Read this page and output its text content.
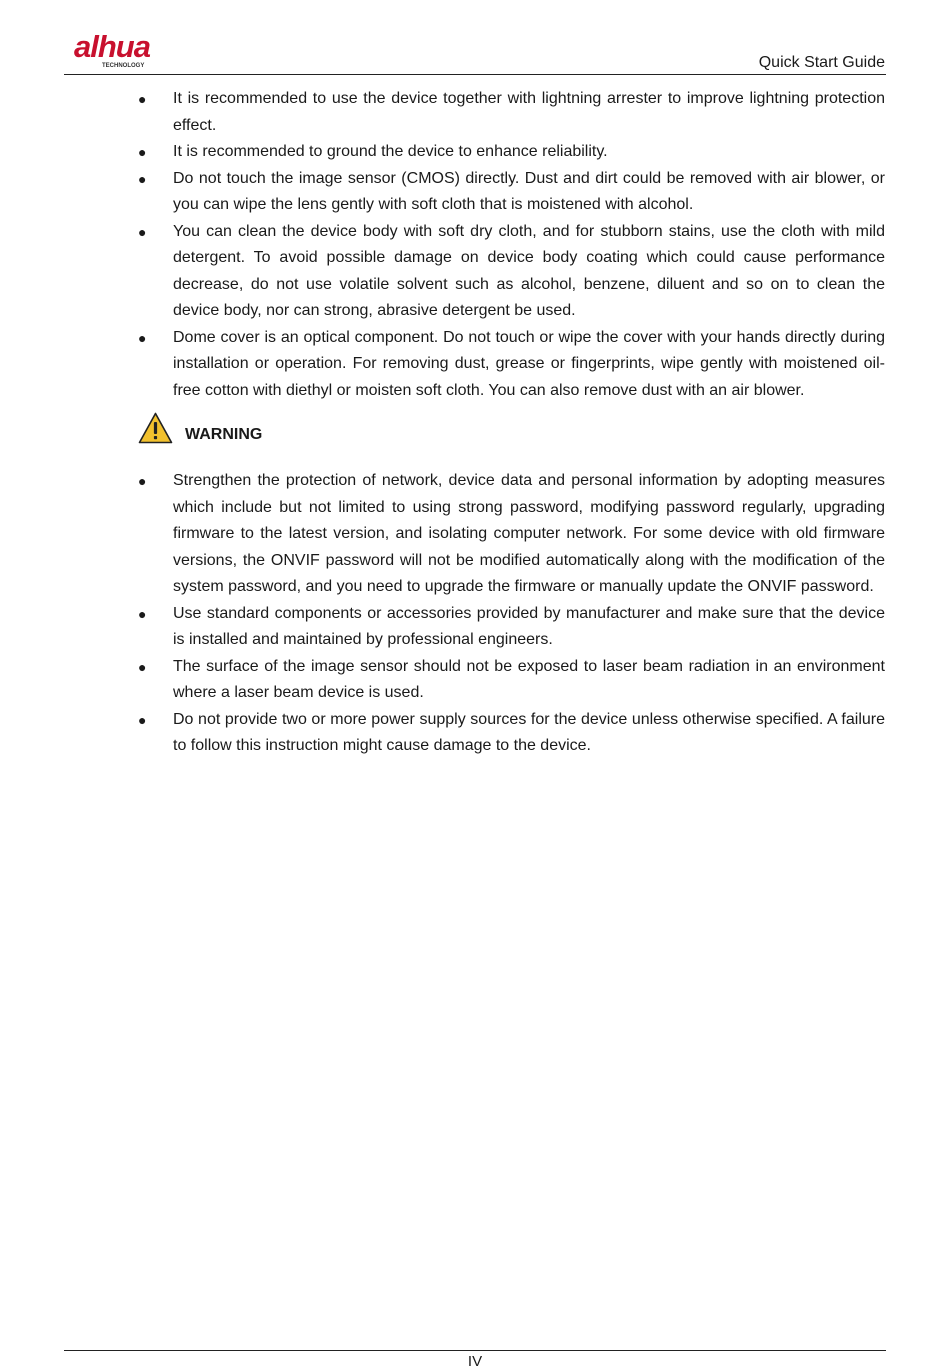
alhua
TECHNOLOGY	Quick Start Guide
● It is recommended to use the device together with lightning arrester to improve lightning protection effect.
● It is recommended to ground the device to enhance reliability.
● Do not touch the image sensor (CMOS) directly. Dust and dirt could be removed with air blower, or you can wipe the lens gently with soft cloth that is moistened with alcohol.
● You can clean the device body with soft dry cloth, and for stubborn stains, use the cloth with mild detergent. To avoid possible damage on device body coating which could cause performance decrease, do not use volatile solvent such as alcohol, benzene, diluent and so on to clean the device body, nor can strong, abrasive detergent be used.
● Dome cover is an optical component. Do not touch or wipe the cover with your hands directly during installation or operation. For removing dust, grease or fingerprints, wipe gently with moistened oil-free cotton with diethyl or moisten soft cloth. You can also remove dust with an air blower.
WARNING
● Strengthen the protection of network, device data and personal information by adopting measures which include but not limited to using strong password, modifying password regularly, upgrading firmware to the latest version, and isolating computer network. For some device with old firmware versions, the ONVIF password will not be modified automatically along with the modification of the system password, and you need to upgrade the firmware or manually update the ONVIF password.
● Use standard components or accessories provided by manufacturer and make sure that the device is installed and maintained by professional engineers.
● The surface of the image sensor should not be exposed to laser beam radiation in an environment where a laser beam device is used.
● Do not provide two or more power supply sources for the device unless otherwise specified. A failure to follow this instruction might cause damage to the device.
IV
